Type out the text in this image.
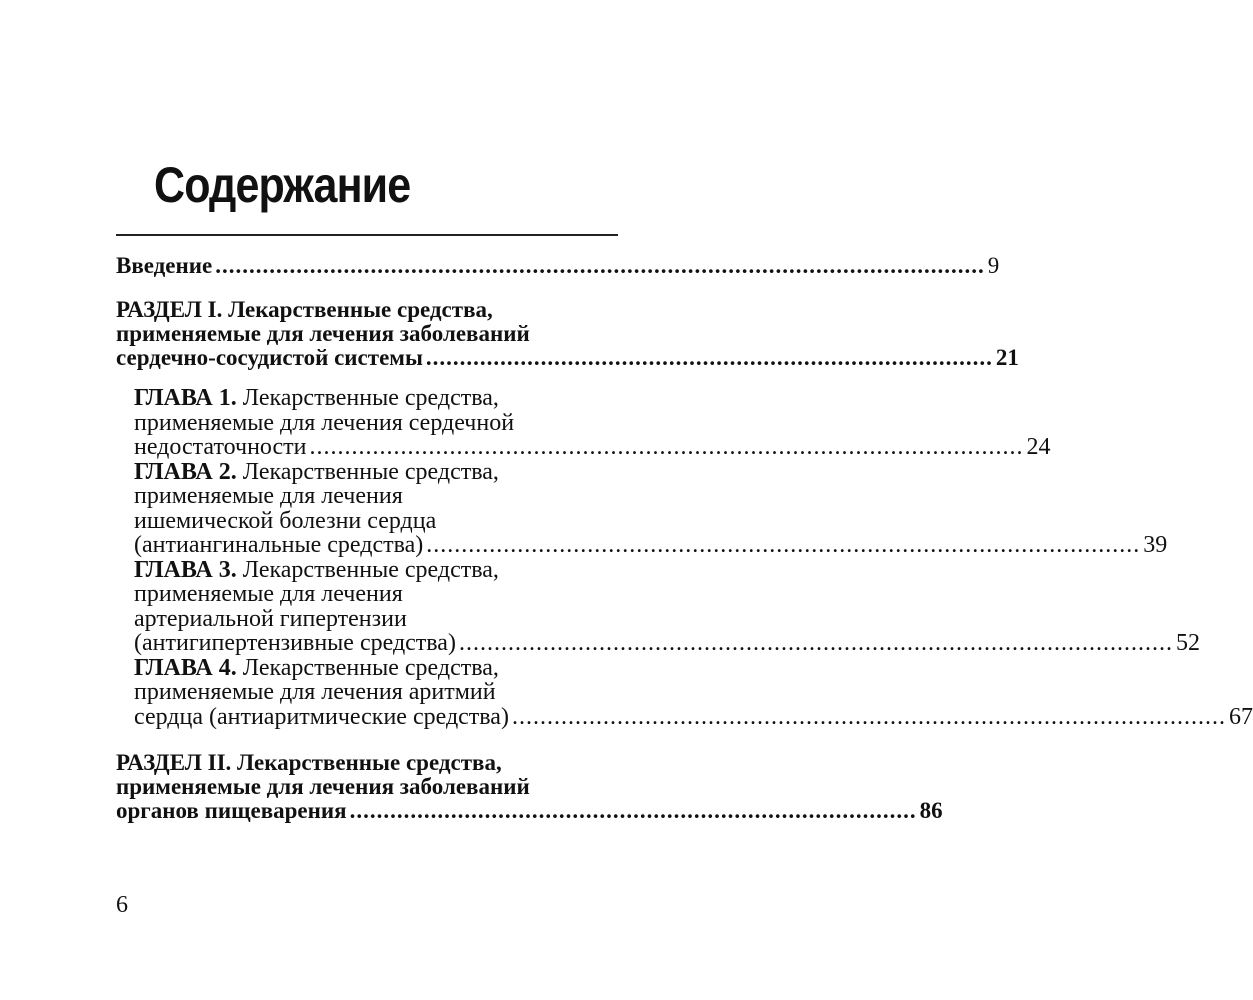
Содержание
Введение .................................................................................................................. 9
РАЗДЕЛ I. Лекарственные средства,
применяемые для лечения заболеваний
сердечно-сосудистой системы .................................................................................... 21
ГЛАВА 1. Лекарственные средства,
применяемые для лечения сердечной
недостаточности ...................................................................................................... 24
ГЛАВА 2. Лекарственные средства,
применяемые для лечения
ишемической болезни сердца
(антиангинальные средства) ...................................................................................................... 39
ГЛАВА 3. Лекарственные средства,
применяемые для лечения
артериальной гипертензии
(антигипертензивные средства) ...................................................................................................... 52
ГЛАВА 4. Лекарственные средства,
применяемые для лечения аритмий
сердца (антиаритмические средства) ...................................................................................................... 67
РАЗДЕЛ II. Лекарственные средства,
применяемые для лечения заболеваний
органов пищеварения .................................................................................... 86
6
